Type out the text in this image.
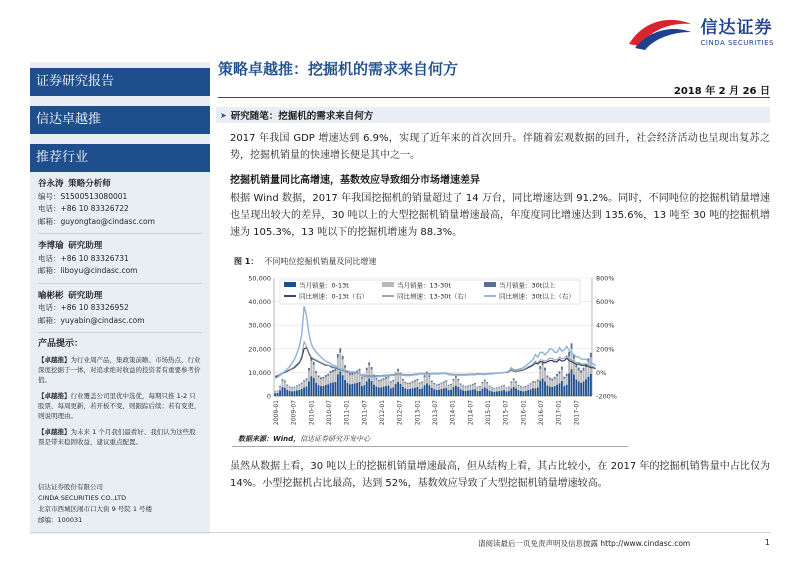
信达证券
CINDA SECURITIES
证券研究报告
信达卓越推
推荐行业
谷永涛 策略分析师
编号：S1500513080001
电话：+86 10 83326722
邮箱：guyongtao@cindasc.com
李博瑜 研究助理
电话：+86 10 83326731
邮箱：liboyu@cindasc.com
喻彬彬 研究助理
电话：+86 10 83326952
邮箱：yuyabin@cindasc.com
产品提示：
【卓越推】为行业周产品，集政策前瞻、市场热点、行业深度挖掘于一体，对追求绝对收益的投资者有重要参考价值。
【卓越推】行业覆盖公司里优中选优，每期只推 1-2 只股票，每周更新，若开板不变，则跟踪后续；若有变更，则说明理由。
【卓越推】为未来 1 个月我们最看好、我们认为这些股票是带来稳固收益，建议重点配置。
信达证券股份有限公司
CINDA SECURITIES CO.,LTD
北京市西城区闹市口大街 9 号院 1 号楼
邮编：100031
策略卓越推：挖掘机的需求来自何方
2018 年 2 月 26 日
➤ 研究随笔：挖掘机的需求来自何方
2017 年我国 GDP 增速达到 6.9%，实现了近年来的首次回升。伴随着宏观数据的回升，社会经济活动也呈现出复苏之势，挖掘机销量的快速增长便是其中之一。
挖掘机销量同比高增速，基数效应导致细分市场增速差异
根据 Wind 数据，2017 年我国挖掘机的销量超过了 14 万台，同比增速达到 91.2%。同时，不同吨位的挖掘机销量增速也呈现出较大的差异，30 吨以上的大型挖掘机销量增速最高，年度度同比增速达到 135.6%，13 吨至 30 吨的挖掘机增速为 105.3%，13 吨以下的挖掘机增速为 88.3%。
图 1： 不同吨位挖掘机销量及同比增速
0
10,000
20,000
30,000
40,000
50,000
-200%
0%
200%
400%
600%
800%
2009-01 2009-07 2010-01 2010-07 2011-01 2011-07 2012-01 2012-07 2013-01 2013-07 2014-01 2014-07 2015-01 2015-07 2016-01 2016-07 2017-01 2017-07
当月销量：0-13t	当月销量：13-30t	当月销量：30t以上
同比增速：0-13t（右）	同比增速：13-30t（右）	同比增速：30t以上（右）
数据来源：Wind，信达证券研究开发中心
虽然从数据上看，30 吨以上的挖掘机销量增速最高，但从结构上看，其占比较小，在 2017 年的挖掘机销售量中占比仅为 14%。小型挖掘机占比最高，达到 52%，基数效应导致了大型挖掘机销量增速较高。
请阅读最后一页免责声明及信息披露 http://www.cindasc.com	1
